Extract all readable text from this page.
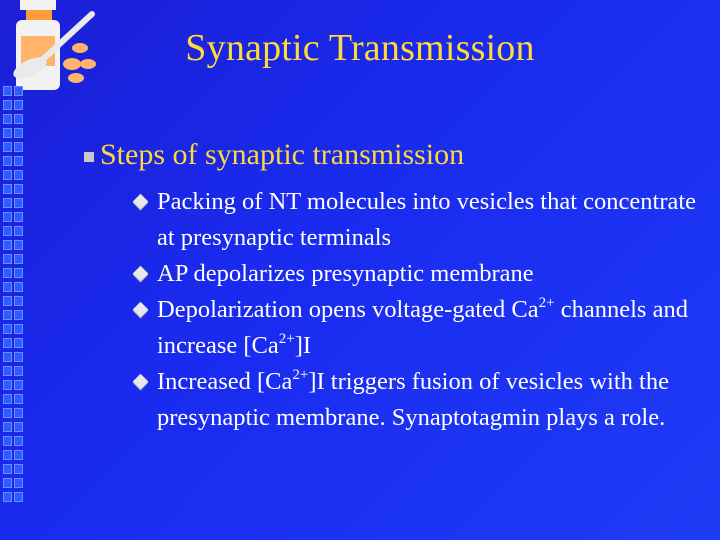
Synaptic Transmission
Steps of synaptic transmission
Packing of NT molecules into vesicles that concentrate at presynaptic terminals
AP depolarizes presynaptic membrane
Depolarization opens voltage-gated $Ca^{2+}$ channels and increase $[Ca^{2+}]I$
Increased $[Ca^{2+}]I$ triggers fusion of vesicles with the presynaptic membrane. Synaptotagmin plays a role.
